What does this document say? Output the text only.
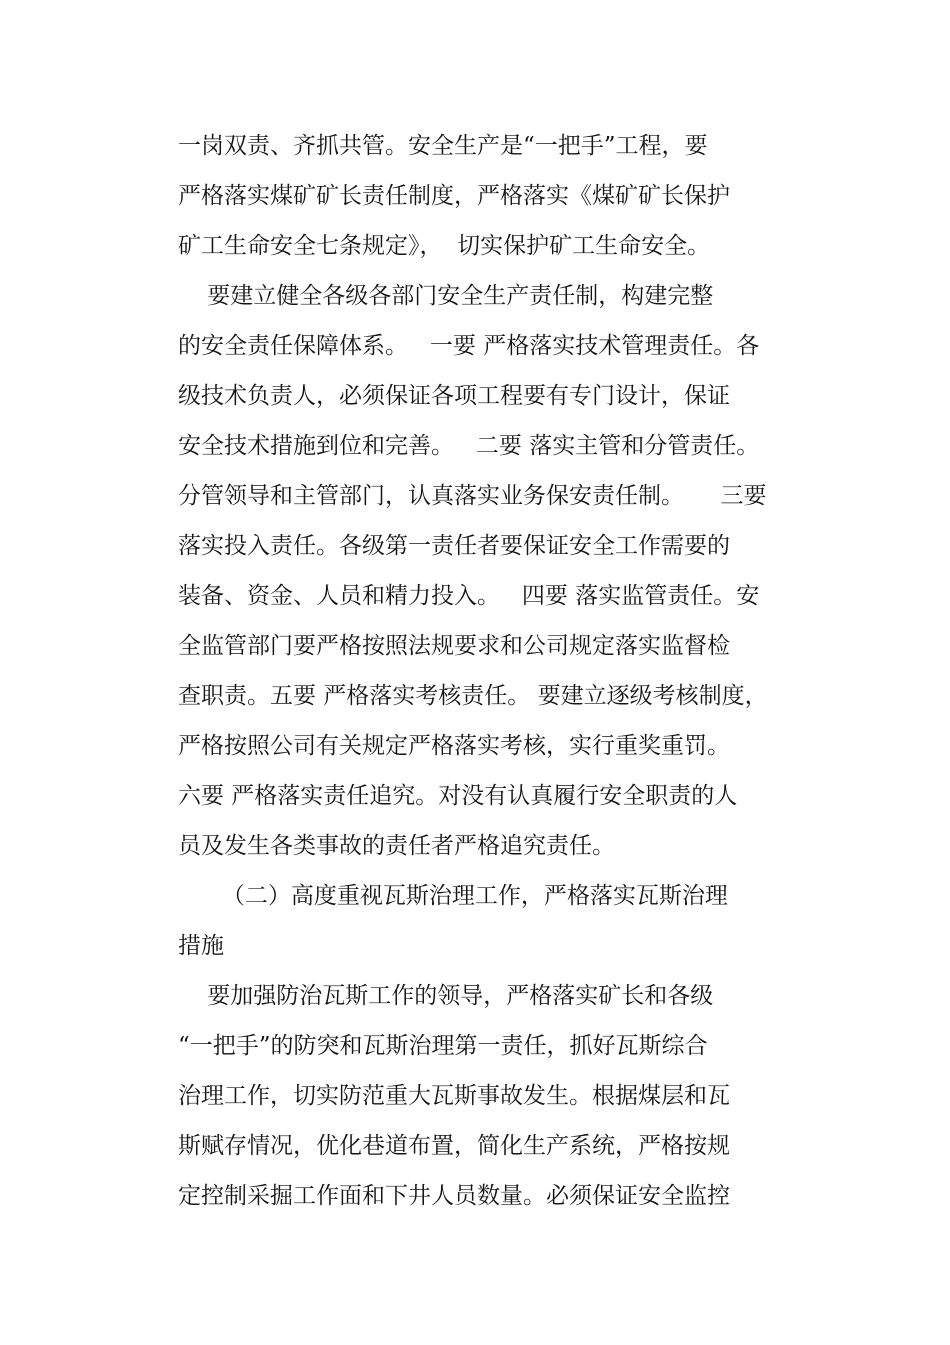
一岗双责、齐抓共管。安全生产是“一把手”工程，要
严格落实煤矿矿长责任制度，严格落实《煤矿矿长保护
矿工生命安全七条规定》，  切实保护矿工生命安全。
要建立健全各级各部门安全生产责任制，构建完整
的安全责任保障体系。   一要 严格落实技术管理责任。各
级技术负责人，必须保证各项工程要有专门设计，保证
安全技术措施到位和完善。   二要 落实主管和分管责任。
分管领导和主管部门，认真落实业务保安责任制。     三要
落实投入责任。各级第一责任者要保证安全工作需要的
装备、资金、人员和精力投入。   四要 落实监管责任。安
全监管部门要严格按照法规要求和公司规定落实监督检
查职责。五要 严格落实考核责任。 要建立逐级考核制度，
严格按照公司有关规定严格落实考核，实行重奖重罚。
六要 严格落实责任追究。对没有认真履行安全职责的人
员及发生各类事故的责任者严格追究责任。
（二）高度重视瓦斯治理工作，严格落实瓦斯治理
措施
要加强防治瓦斯工作的领导，严格落实矿长和各级
“一把手”的防突和瓦斯治理第一责任，抓好瓦斯综合
治理工作，切实防范重大瓦斯事故发生。根据煤层和瓦
斯赋存情况，优化巷道布置，简化生产系统，严格按规
定控制采掘工作面和下井人员数量。必须保证安全监控
